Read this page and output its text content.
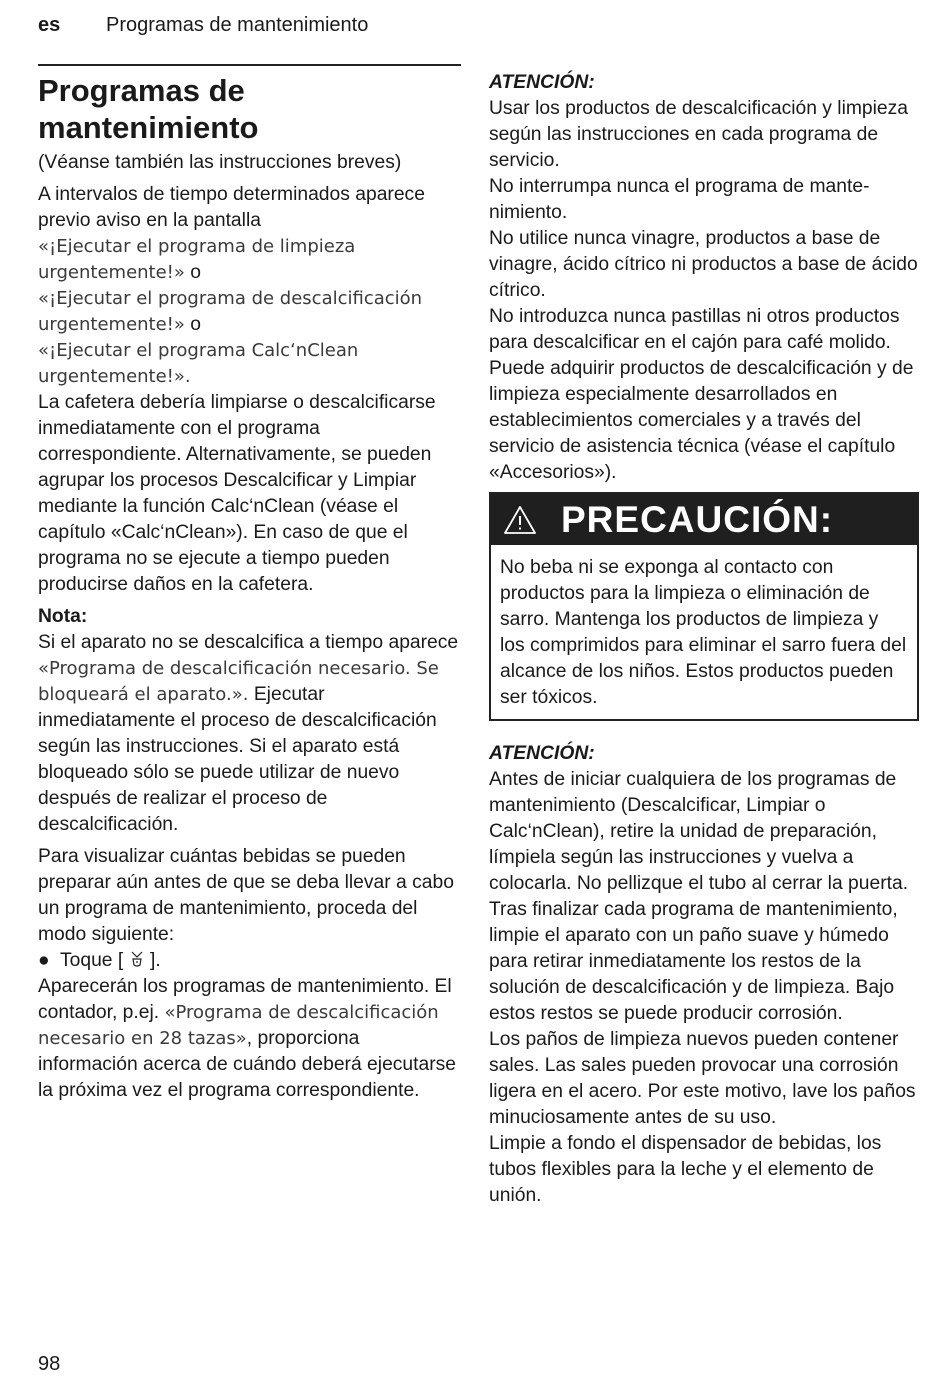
es Programas de mantenimiento
Programas de
mantenimiento

(Véanse también las instrucciones breves)

A intervalos de tiempo determinados aparece previo aviso en la pantalla
«¡Ejecutar el programa de limpieza urgentemente!» o
«¡Ejecutar el programa de descalcificación urgentemente!» o
«¡Ejecutar el programa Calc‘nClean urgentemente!».

La cafetera debería limpiarse o descalcificarse inmediatamente con el programa correspondiente. Alternativamente, se pueden agrupar los procesos Descalcificar y Limpiar mediante la función Calc‘nClean (véase el capítulo «Calc‘nClean»). En caso de que el programa no se ejecute a tiempo pueden producirse daños en la cafetera.

Nota:

Si el aparato no se descalcifica a tiempo aparece «Programa de descalcificación necesario. Se bloqueará el aparato.». Ejecutar inmediatamente el proceso de descalcificación según las instrucciones. Si el aparato está bloqueado sólo se puede utilizar de nuevo después de realizar el proceso de descalcificación.

Para visualizar cuántas bebidas se pueden preparar aún antes de que se deba llevar a cabo un programa de mantenimiento, proceda del modo siguiente:

● Toque [ ].

Aparecerán los programas de mantenimiento. El contador, p.ej. «Programa de descalcificación necesario en 28 tazas», proporciona información acerca de cuándo deberá ejecutarse la próxima vez el programa correspondiente.

ATENCIÓN:

Usar los productos de descalcificación y limpieza según las instrucciones en cada programa de servicio.

No interrumpa nunca el programa de mantenimiento.

No utilice nunca vinagre, productos a base de vinagre, ácido cítrico ni productos a base de ácido cítrico.

No introduzca nunca pastillas ni otros productos para descalcificar en el cajón para café molido.

Puede adquirir productos de descalcificación y de limpieza especialmente desarrollados en establecimientos comerciales y a través del servicio de asistencia técnica (véase el capítulo «Accesorios»).

PRECAUCIÓN:

No beba ni se exponga al contacto con productos para la limpieza o eliminación de sarro. Mantenga los productos de limpieza y los comprimidos para eliminar el sarro fuera del alcance de los niños. Estos productos pueden ser tóxicos.

ATENCIÓN:

Antes de iniciar cualquiera de los programas de mantenimiento (Descalcificar, Limpiar o Calc‘nClean), retire la unidad de preparación, límpiela según las instrucciones y vuelva a colocarla. No pellizque el tubo al cerrar la puerta.

Tras finalizar cada programa de mantenimiento, limpie el aparato con un paño suave y húmedo para retirar inmediatamente los restos de la solución de descalcificación y de limpieza. Bajo estos restos se puede producir corrosión.

Los paños de limpieza nuevos pueden contener sales. Las sales pueden provocar una corrosión ligera en el acero. Por este motivo, lave los paños minuciosamente antes de su uso.

Limpie a fondo el dispensador de bebidas, los tubos flexibles para la leche y el elemento de unión.

98
